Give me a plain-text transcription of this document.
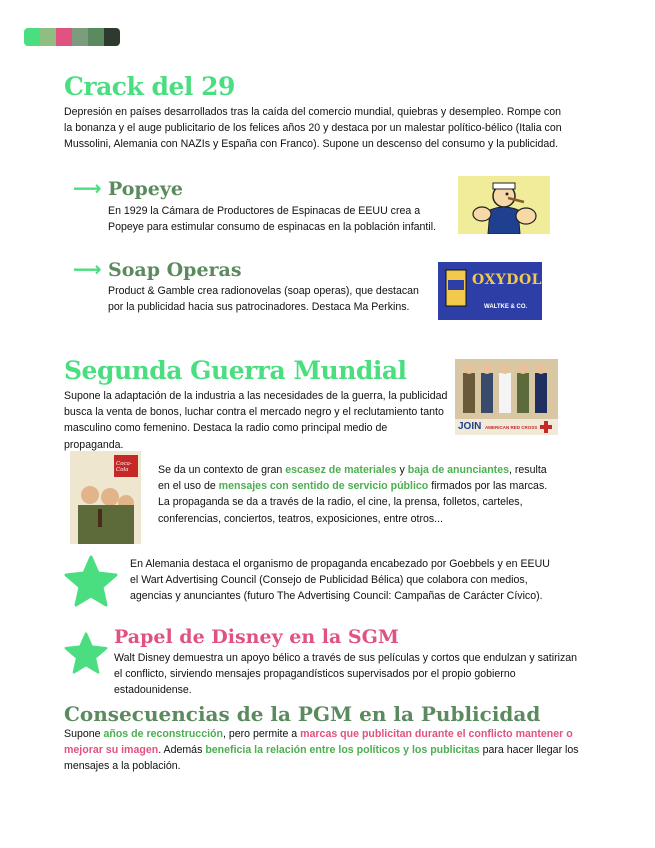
Crack del 29

Depresión en países desarrollados tras la caída del comercio mundial, quiebras y desempleo. Rompe con la bonanza y el auge publicitario de los felices años 20 y destaca por un malestar político-bélico (Italia con Mussolini, Alemania con NAZIs y España con Franco). Supone un descenso del consumo y la publicidad.

⟶ Popeye

En 1929 la Cámara de Productores de Espinacas de EEUU crea a Popeye para estimular consumo de espinacas en la población infantil.

⟶ Soap Operas

Product & Gamble crea radionovelas (soap operas), que destacan por la publicidad hacia sus patrocinadores. Destaca Ma Perkins.

OXYDOL
WALTKE & CO.
Segunda Guerra Mundial

Supone la adaptación de la industria a las necesidades de la guerra, la publicidad busca la venta de bonos, luchar contra el mercado negro y el reclutamiento tanto masculino como femenino. Destaca la radio como principal medio de propaganda.

JOIN AMERICAN RED CROSS
Coca-Cola	Se da un contexto de gran escasez de materiales y baja de anunciantes, resulta en el uso de mensajes con sentido de servicio público firmados por las marcas. La propaganda se da a través de la radio, el cine, la prensa, folletos, carteles, conferencias, conciertos, teatros, exposiciones, entre otros...

En Alemania destaca el organismo de propaganda encabezado por Goebbels y en EEUU el Wart Advertising Council (Consejo de Publicidad Bélica) que colabora con medios, agencias y anunciantes (futuro The Advertising Council: Campañas de Carácter Cívico).

Papel de Disney en la SGM

Walt Disney demuestra un apoyo bélico a través de sus películas y cortos que endulzan y satirizan el conflicto, sirviendo mensajes propagandísticos supervisados por el propio gobierno estadounidense.

Consecuencias de la PGM en la Publicidad

Supone años de reconstrucción, pero permite a marcas que publicitan durante el conflicto mantener o mejorar su imagen. Además beneficia la relación entre los políticos y los publicitas para hacer llegar los mensajes a la población.
